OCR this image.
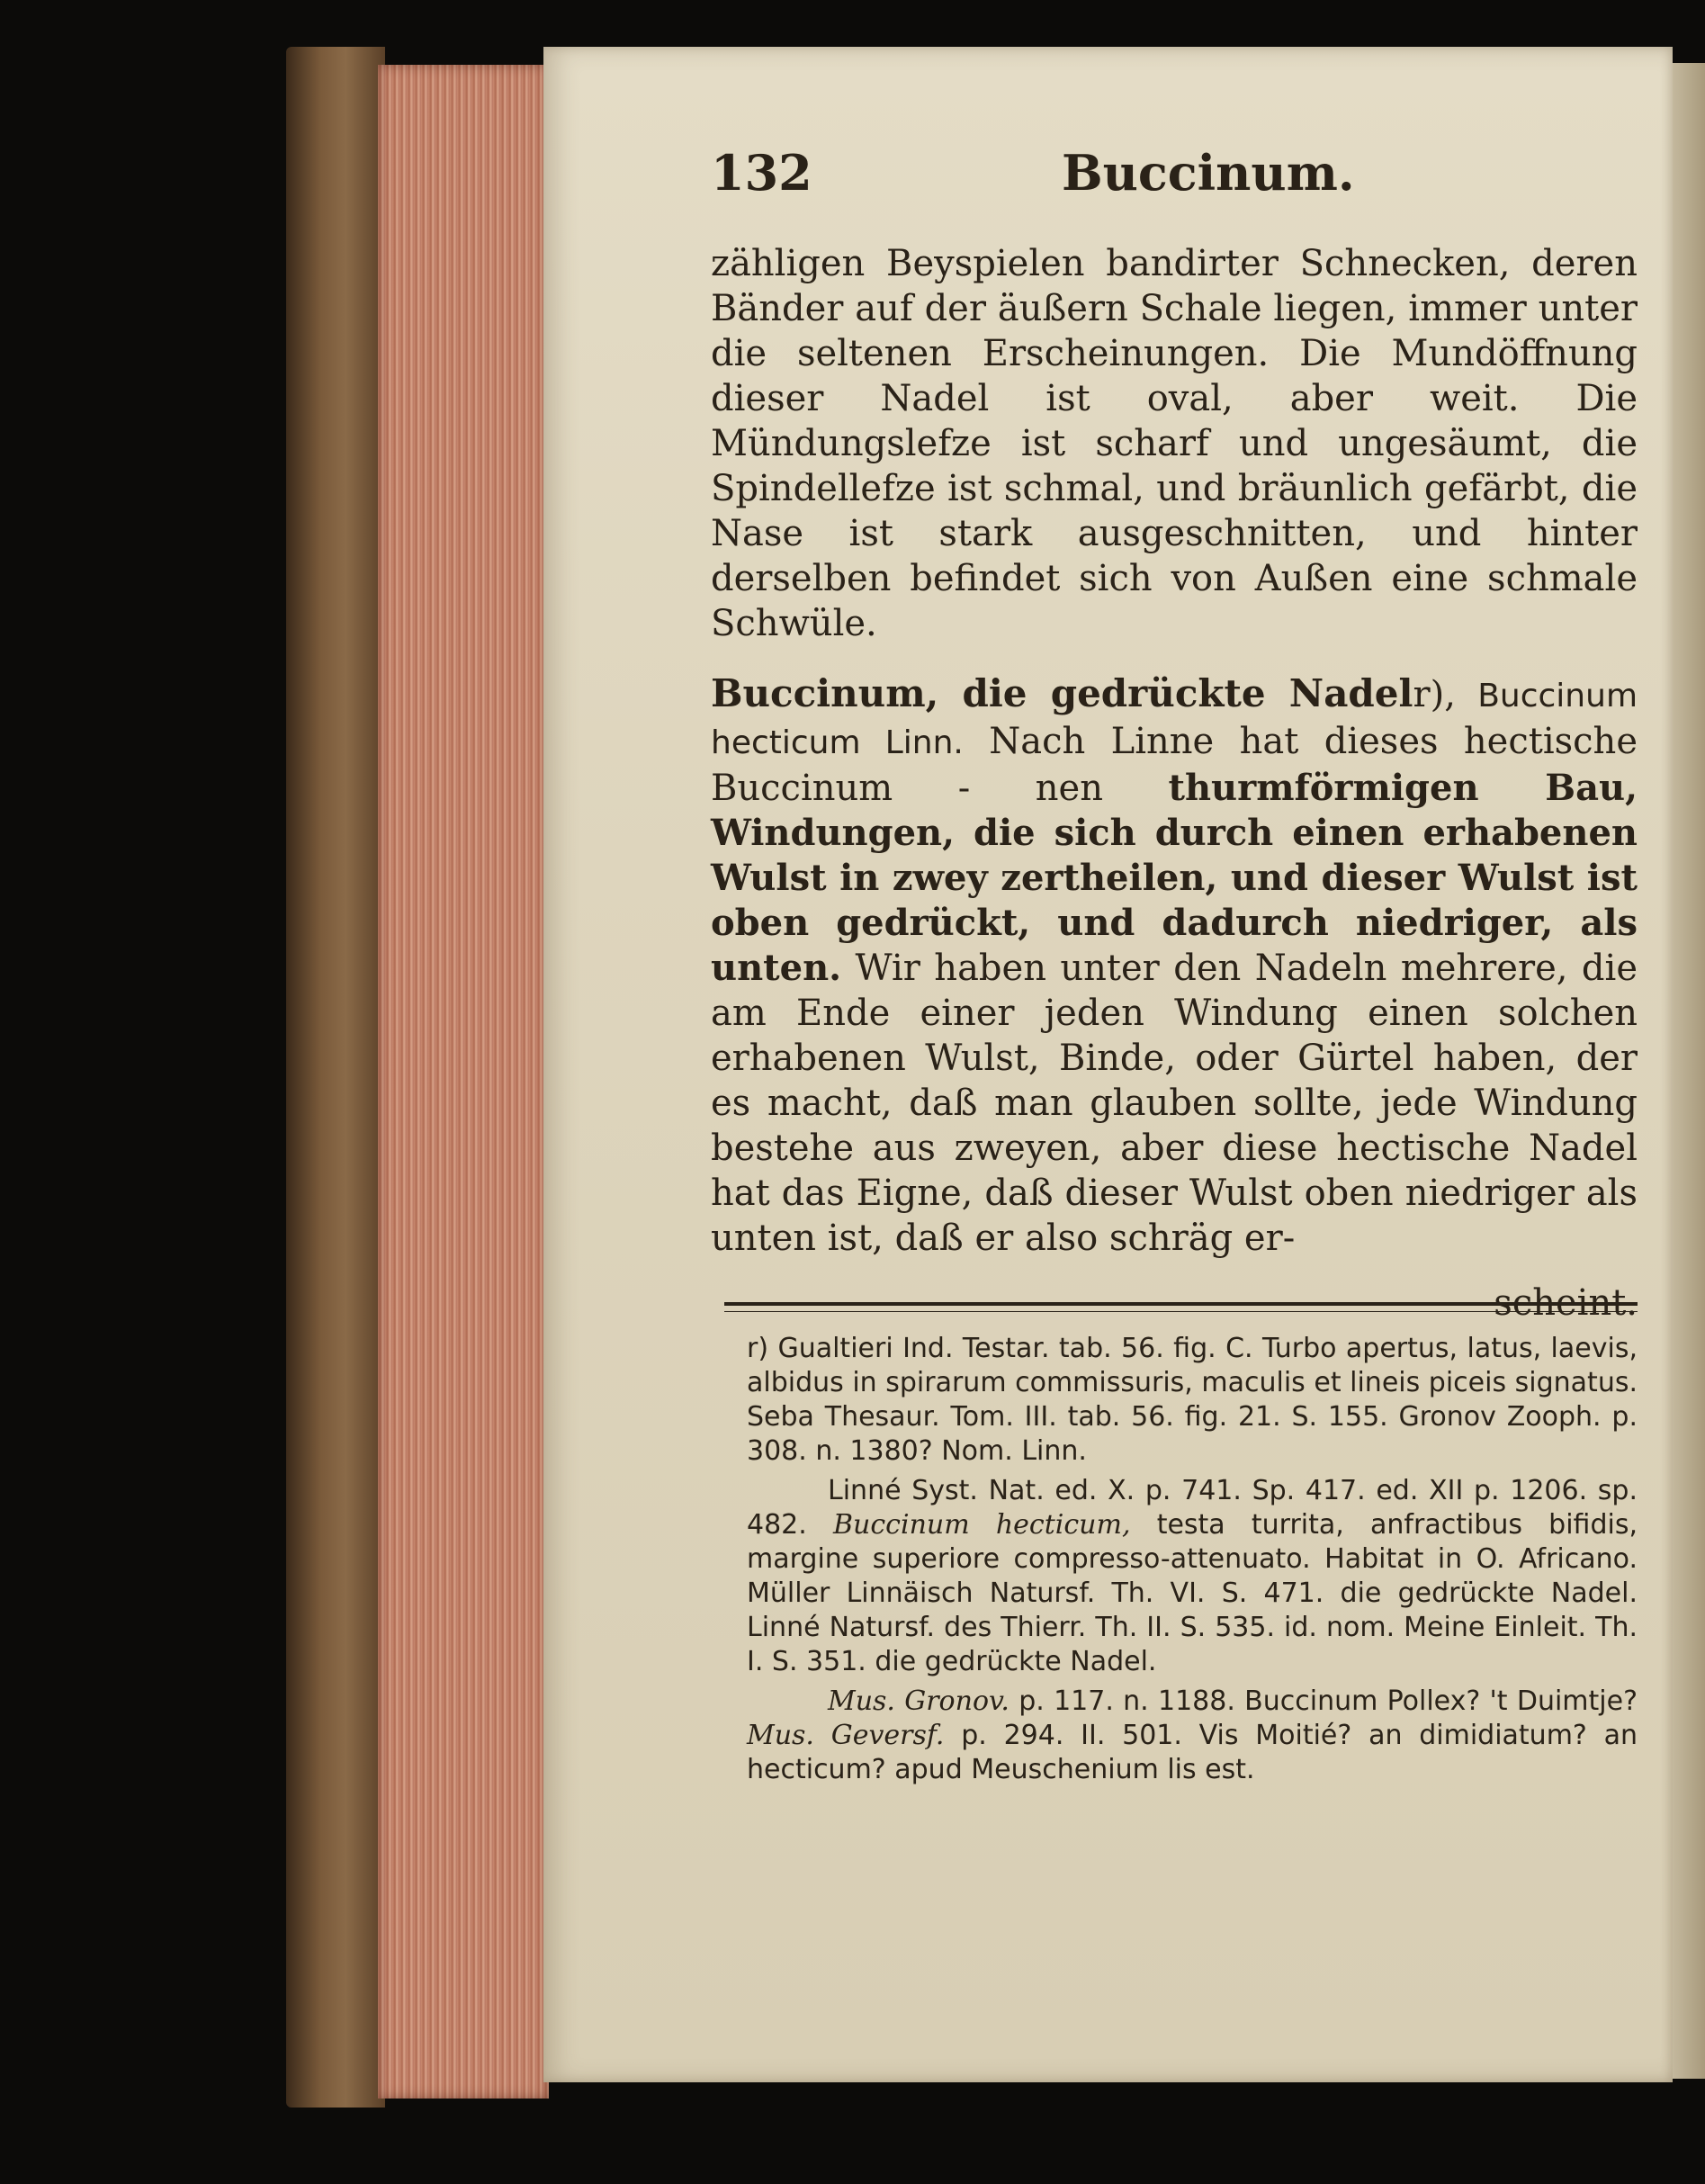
132	Buccinum.

zähligen Beyspielen bandirter Schnecken, deren Bänder auf der äußern Schale liegen, immer unter die seltenen Erscheinungen. Die Mundöffnung dieser Nadel ist oval, aber weit. Die Mündungslefze ist scharf und ungesäumt, die Spindellefze ist schmal, und bräunlich gefärbt, die Nase ist stark ausgeschnitten, und hinter derselben befindet sich von Außen eine schmale Schwüle.

Buccinum, die gedrückte Nadelr), Buccinum hecticum Linn. Nach Linne hat dieses hectische Buccinum - nen thurmförmigen Bau, Windungen, die sich durch einen erhabenen Wulst in zwey zertheilen, und dieser Wulst ist oben gedrückt, und dadurch niedriger, als unten. Wir haben unter den Nadeln mehrere, die am Ende einer jeden Windung einen solchen erhabenen Wulst, Binde, oder Gürtel haben, der es macht, daß man glauben sollte, jede Windung bestehe aus zweyen, aber diese hectische Nadel hat das Eigne, daß dieser Wulst oben niedriger als unten ist, daß er also schräg er-

scheint.

r) Gualtieri Ind. Testar. tab. 56. fig. C. Turbo apertus, latus, laevis, albidus in spirarum commissuris, maculis et lineis piceis signatus. Seba Thesaur. Tom. III. tab. 56. fig. 21. S. 155. Gronov Zooph. p. 308. n. 1380? Nom. Linn.

Linné Syst. Nat. ed. X. p. 741. Sp. 417. ed. XII p. 1206. sp. 482. Buccinum hecticum, testa turrita, anfractibus bifidis, margine superiore compresso-attenuato. Habitat in O. Africano. Müller Linnäisch Natursf. Th. VI. S. 471. die gedrückte Nadel. Linné Natursf. des Thierr. Th. II. S. 535. id. nom. Meine Einleit. Th. I. S. 351. die gedrückte Nadel.

Mus. Gronov. p. 117. n. 1188. Buccinum Pollex? 't Duimtje? Mus. Geversf. p. 294. II. 501. Vis Moitié? an dimidiatum? an hecticum? apud Meuschenium lis est.
